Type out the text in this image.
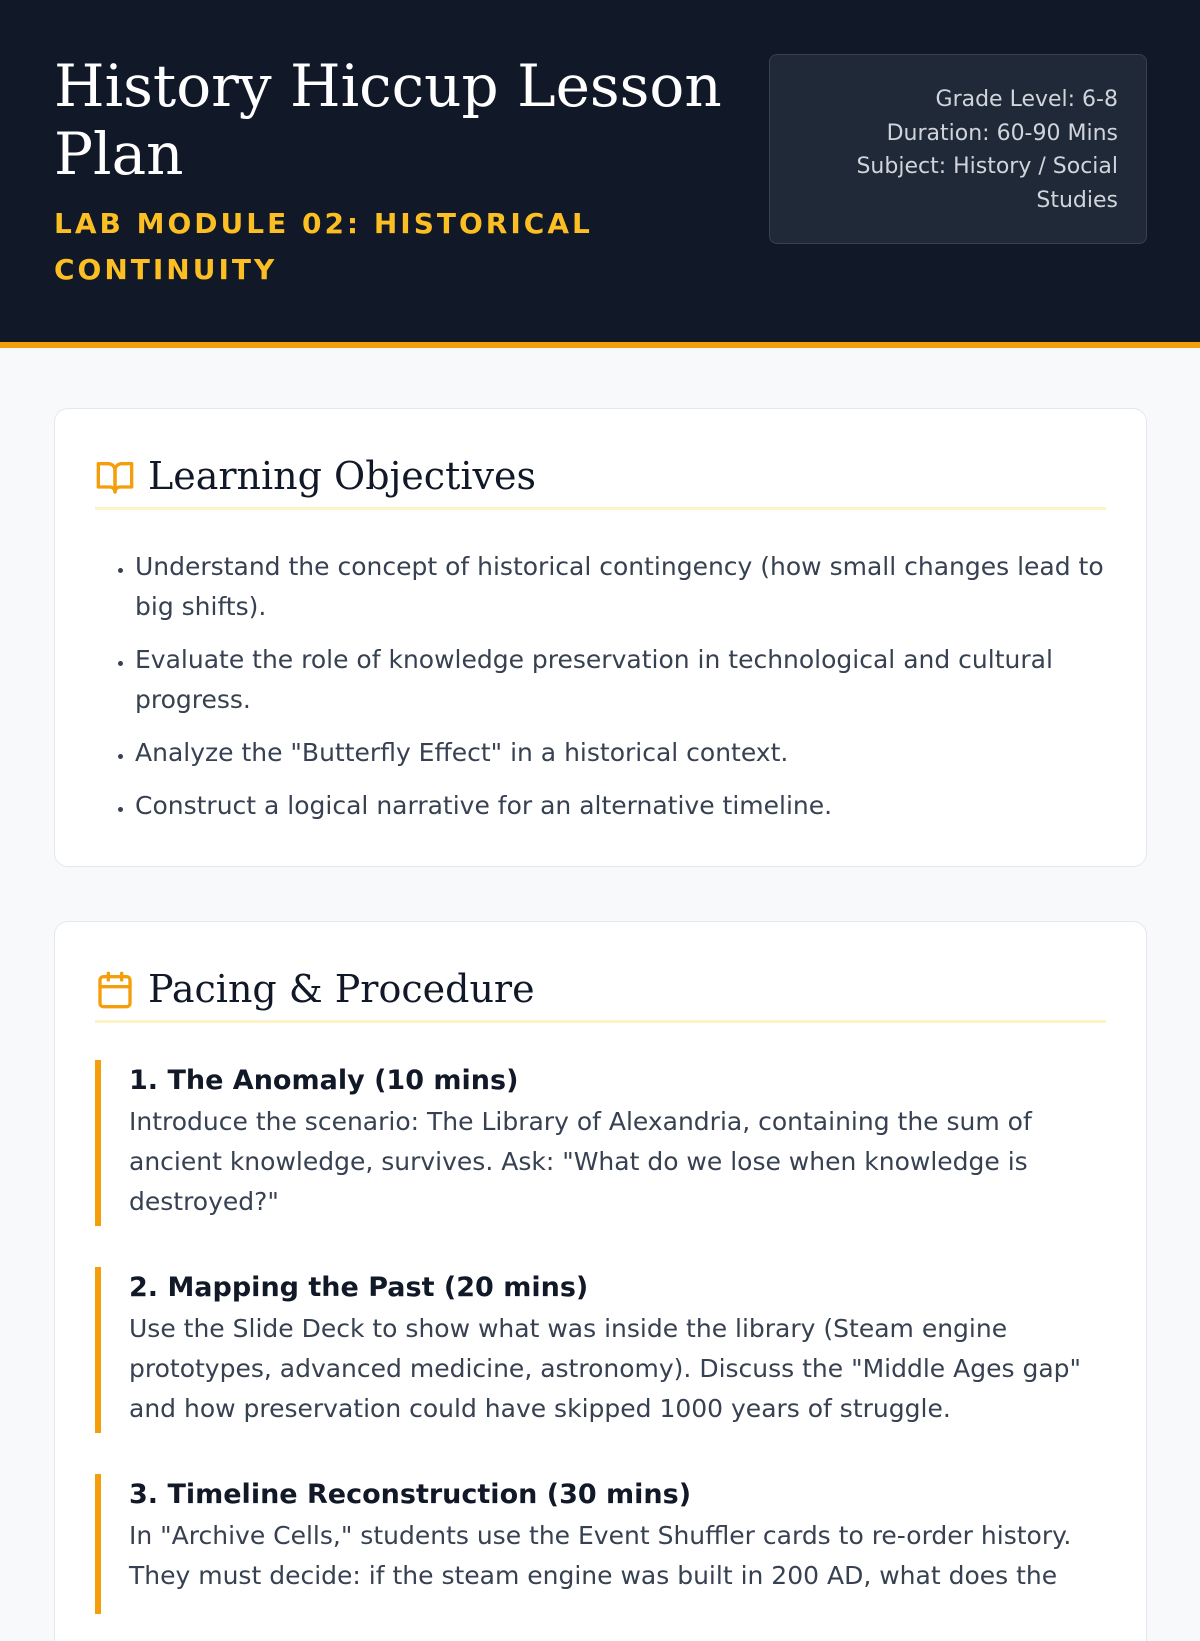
History Hiccup Lesson Plan
LAB MODULE 02: HISTORICAL CONTINUITY
Grade Level: 6-8
Duration: 60-90 Mins
Subject: History / Social Studies
Learning Objectives
• Understand the concept of historical contingency (how small changes lead to big shifts).
• Evaluate the role of knowledge preservation in technological and cultural progress.
• Analyze the "Butterfly Effect" in a historical context.
• Construct a logical narrative for an alternative timeline.
Pacing & Procedure
1. The Anomaly (10 mins)

Introduce the scenario: The Library of Alexandria, containing the sum of ancient knowledge, survives. Ask: "What do we lose when knowledge is destroyed?"

2. Mapping the Past (20 mins)

Use the Slide Deck to show what was inside the library (Steam engine prototypes, advanced medicine, astronomy). Discuss the "Middle Ages gap" and how preservation could have skipped 1000 years of struggle.

3. Timeline Reconstruction (30 mins)

In "Archive Cells," students use the Event Shuffler cards to re-order history. They must decide: if the steam engine was built in 200 AD, what does the
